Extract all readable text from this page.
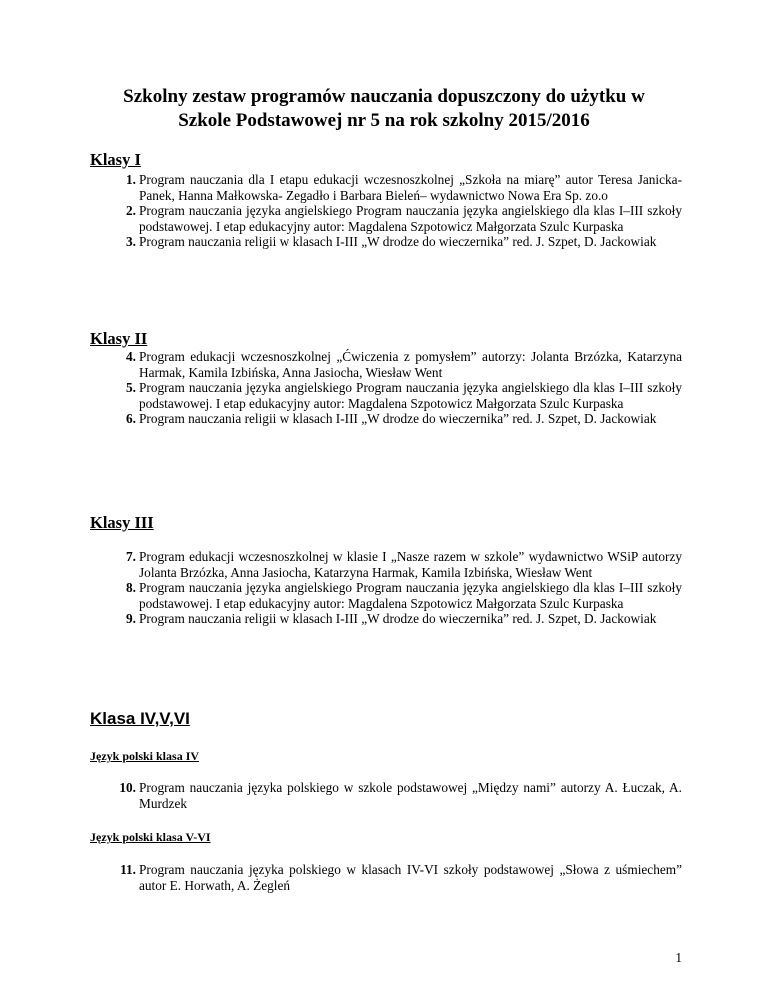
Szkolny zestaw programów nauczania dopuszczony do użytku w
Szkole Podstawowej nr 5 na rok szkolny 2015/2016
Klasy I
1. Program nauczania dla I etapu edukacji wczesnoszkolnej „Szkoła na miarę” autor Teresa Janicka-Panek, Hanna Małkowska- Zegadło i Barbara Bieleń– wydawnictwo Nowa Era Sp. zo.o
2. Program nauczania języka angielskiego Program nauczania języka angielskiego dla klas I–III szkoły podstawowej. I etap edukacyjny autor: Magdalena Szpotowicz Małgorzata Szulc Kurpaska
3. Program nauczania religii w klasach I-III „W drodze do wieczernika” red. J. Szpet, D. Jackowiak
Klasy II
4. Program edukacji wczesnoszkolnej „Ćwiczenia z pomysłem” autorzy: Jolanta Brzózka, Katarzyna Harmak, Kamila Izbińska, Anna Jasiocha, Wiesław Went
5. Program nauczania języka angielskiego Program nauczania języka angielskiego dla klas I–III szkoły podstawowej. I etap edukacyjny autor: Magdalena Szpotowicz Małgorzata Szulc Kurpaska
6. Program nauczania religii w klasach I-III „W drodze do wieczernika” red. J. Szpet, D. Jackowiak
Klasy III
7. Program edukacji wczesnoszkolnej w klasie I „Nasze razem w szkole” wydawnictwo WSiP autorzy Jolanta Brzózka, Anna Jasiocha, Katarzyna Harmak, Kamila Izbińska, Wiesław Went
8. Program nauczania języka angielskiego Program nauczania języka angielskiego dla klas I–III szkoły podstawowej. I etap edukacyjny autor: Magdalena Szpotowicz Małgorzata Szulc Kurpaska
9. Program nauczania religii w klasach I-III „W drodze do wieczernika” red. J. Szpet, D. Jackowiak
Klasa IV,V,VI
Język polski klasa IV
10. Program nauczania języka polskiego w szkole podstawowej „Między nami” autorzy A. Łuczak, A. Murdzek
Język polski klasa V-VI
11. Program nauczania języka polskiego w klasach IV-VI szkoły podstawowej „Słowa z uśmiechem” autor E. Horwath, A. Żegleń
1
